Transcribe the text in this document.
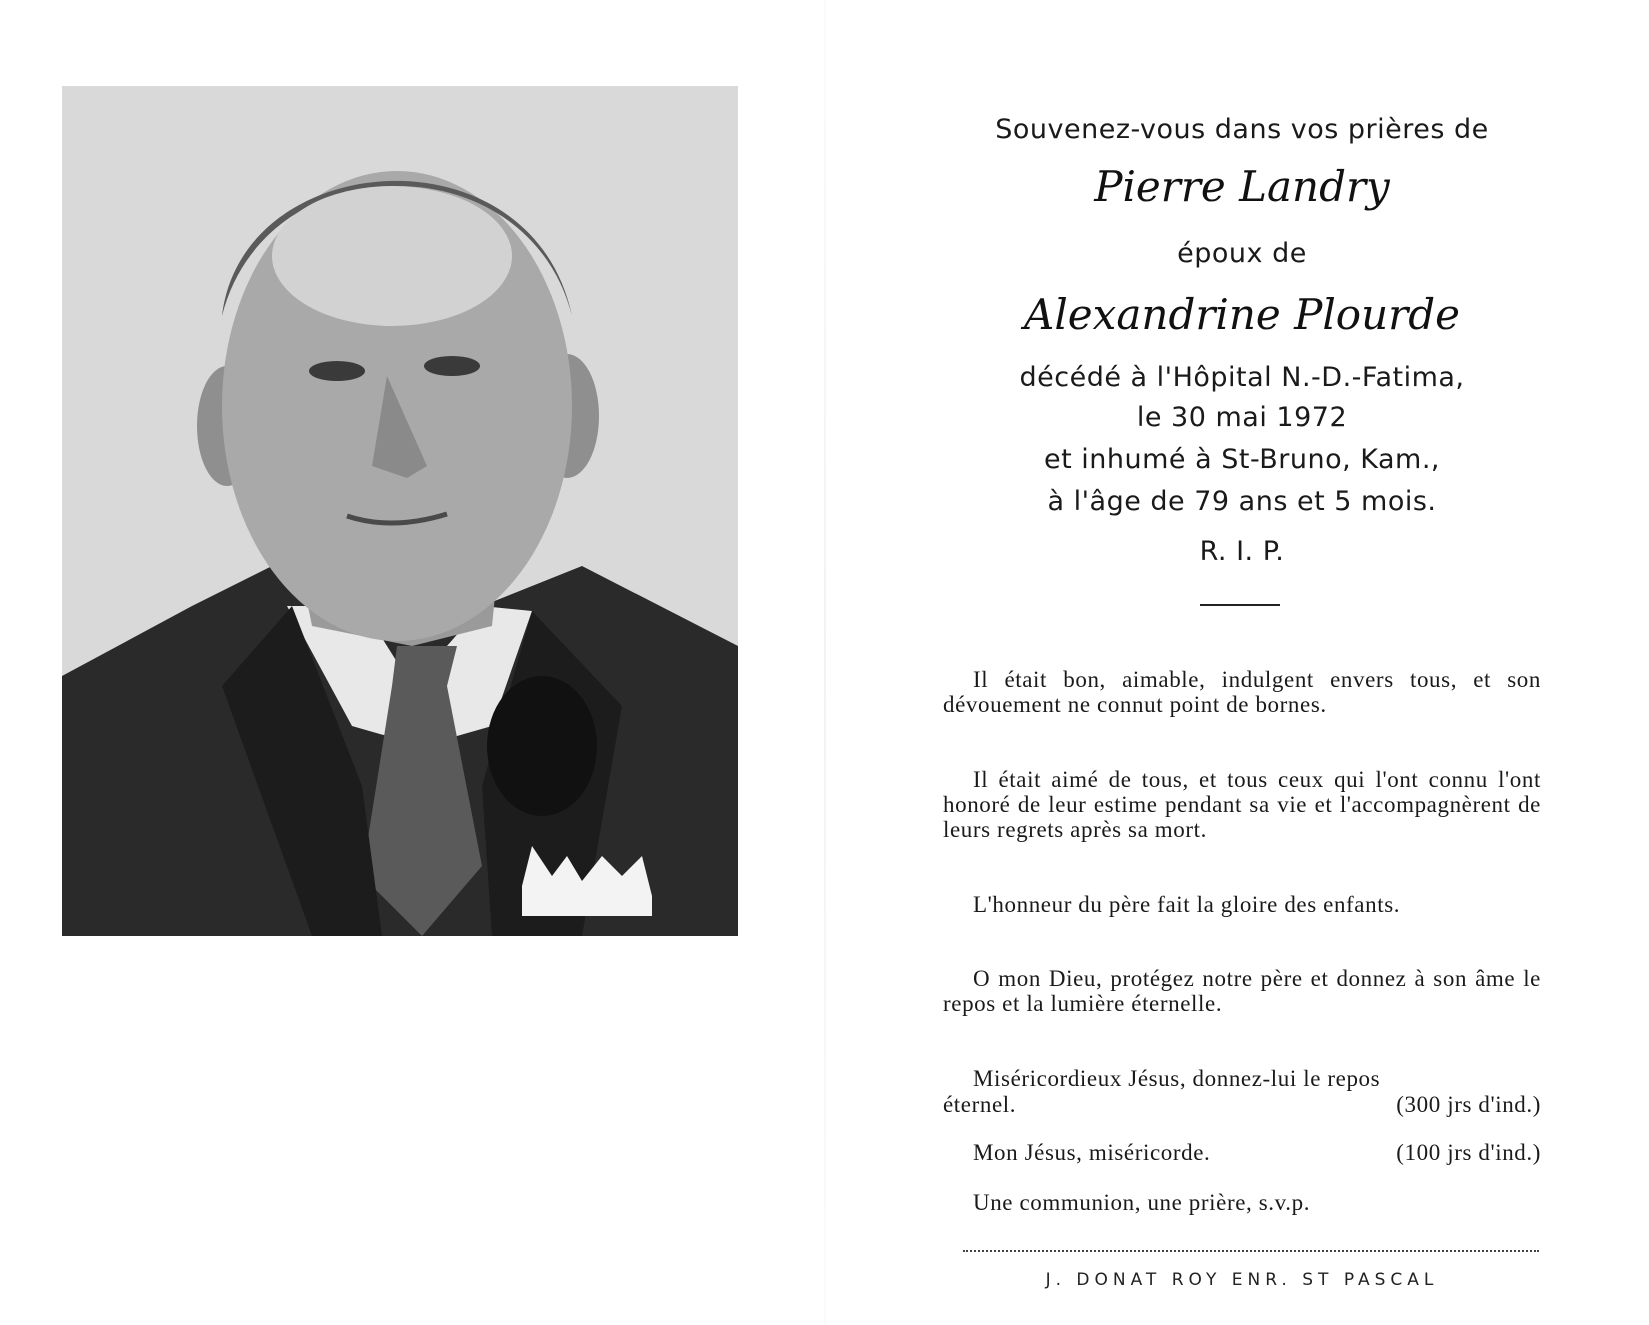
Souvenez-vous dans vos prières de
Pierre Landry
époux de
Alexandrine Plourde
décédé à l'Hôpital N.-D.-Fatima,
le 30 mai 1972
et inhumé à St-Bruno, Kam.,
à l'âge de 79 ans et 5 mois.
R. I. P.
Il était bon, aimable, indulgent envers tous, et son dévouement ne connut point de bornes.
Il était aimé de tous, et tous ceux qui l'ont connu l'ont honoré de leur estime pendant sa vie et l'accompagnèrent de leurs regrets après sa mort.
L'honneur du père fait la gloire des enfants.
O mon Dieu, protégez notre père et donnez à son âme le repos et la lumière éternelle.
Miséricordieux Jésus, donnez-lui le repos
éternel.	(300 jrs d'ind.)
Mon Jésus, miséricorde.	(100 jrs d'ind.)
Une communion, une prière, s.v.p.
J. DONAT ROY ENR. ST PASCAL
